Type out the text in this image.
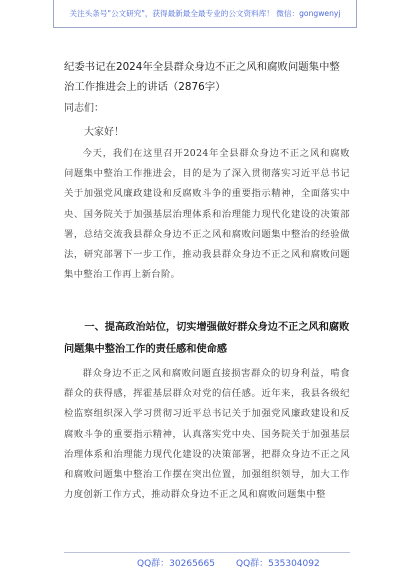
关注头条号"公文研究"，获得最新最全最专业的公文资料库！ 微信：gongwenyj
纪委书记在2024年全县群众身边不正之风和腐败问题集中整治工作推进会上的讲话（2876字）
同志们：
大家好！
今天，我们在这里召开2024年全县群众身边不正之风和腐败问题集中整治工作推进会，目的是为了深入贯彻落实习近平总书记关于加强党风廉政建设和反腐败斗争的重要指示精神，全面落实中央、国务院关于加强基层治理体系和治理能力现代化建设的决策部署，总结交流我县群众身边不正之风和腐败问题集中整治的经验做法，研究部署下一步工作，推动我县群众身边不正之风和腐败问题集中整治工作再上新台阶。
一、提高政治站位，切实增强做好群众身边不正之风和腐败问题集中整治工作的责任感和使命感
群众身边不正之风和腐败问题直接损害群众的切身利益，啃食群众的获得感，挥霍基层群众对党的信任感。近年来，我县各级纪检监察组织深入学习贯彻习近平总书记关于加强党风廉政建设和反腐败斗争的重要指示精神，认真落实党中央、国务院关于加强基层治理体系和治理能力现代化建设的决策部署，把群众身边不正之风和腐败问题集中整治工作摆在突出位置，加强组织领导，加大工作力度创新工作方式，推动群众身边不正之风和腐败问题集中整
QQ群：30265665 QQ群：535304092
